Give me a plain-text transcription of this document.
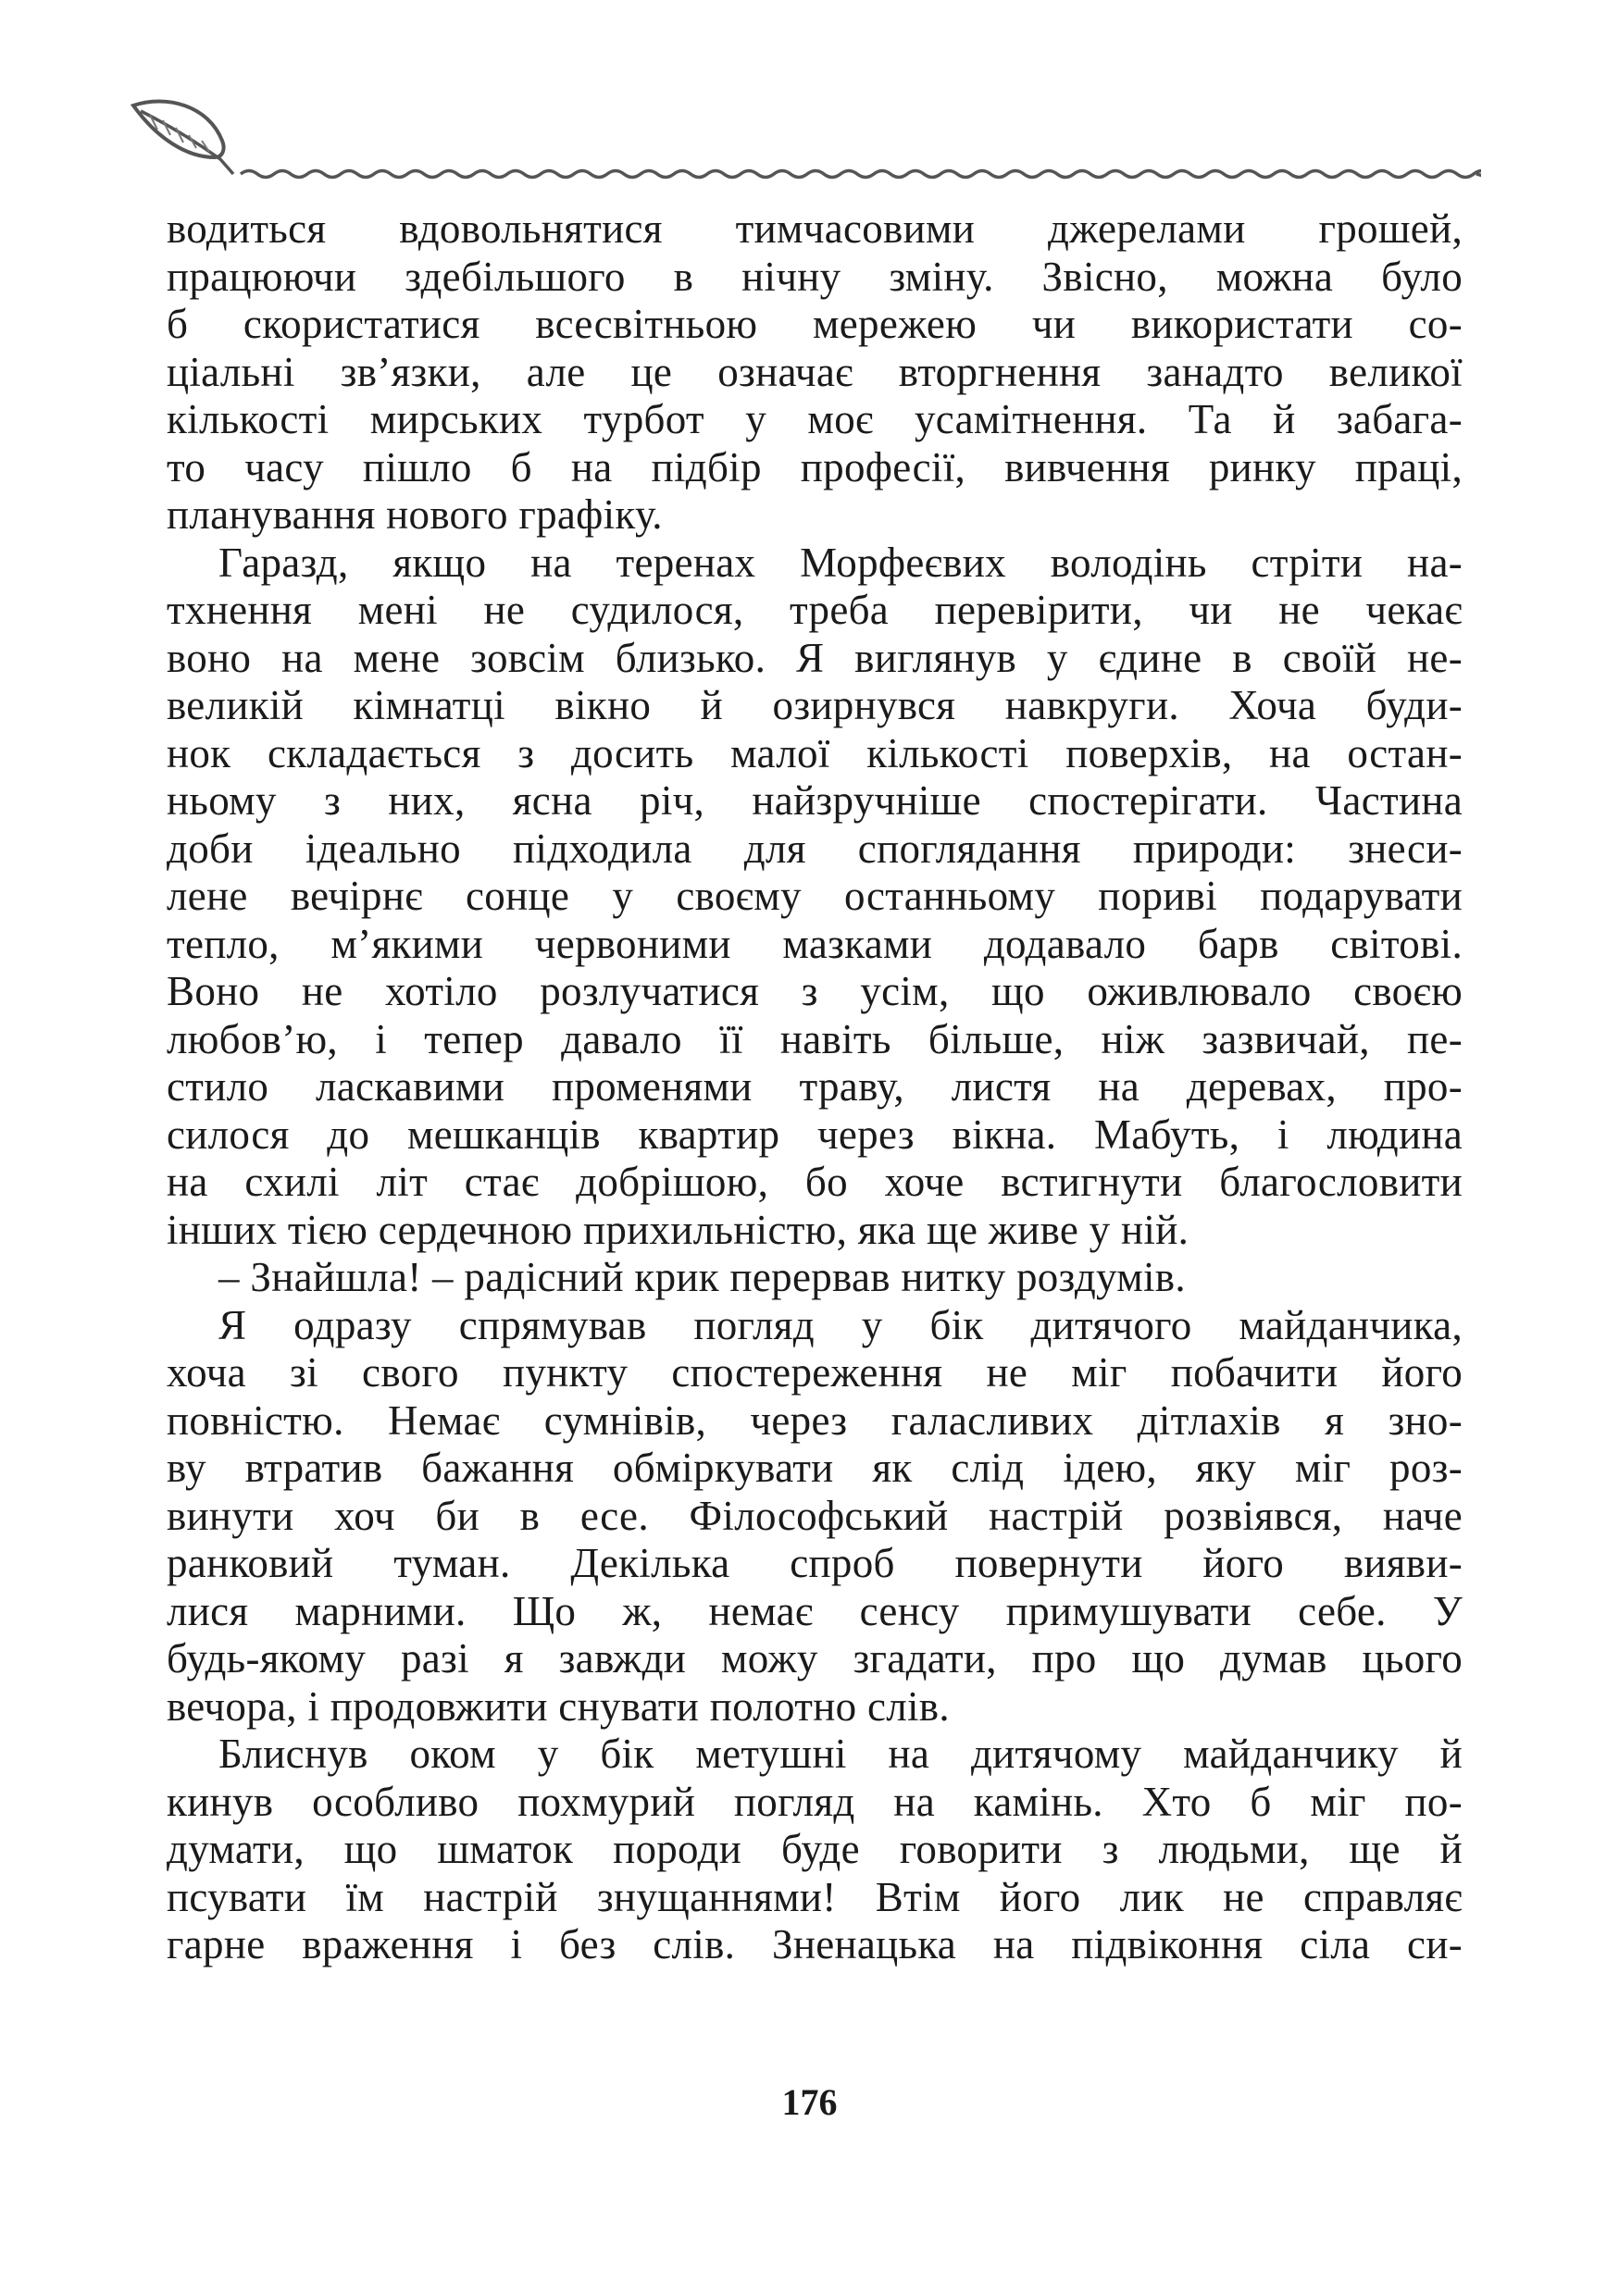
водиться вдовольнятися тимчасовими джерелами грошей,
працюючи здебільшого в нічну зміну. Звісно, можна було
б скористатися всесвітньою мережею чи використати со-
ціальні зв’язки, але це означає вторгнення занадто великої
кількості мирських турбот у моє усамітнення. Та й забага-
то часу пішло б на підбір професії, вивчення ринку праці,
планування нового графіку.
Гаразд, якщо на теренах Морфеєвих володінь стріти на-
тхнення мені не судилося, треба перевірити, чи не чекає
воно на мене зовсім близько. Я виглянув у єдине в своїй не-
великій кімнатці вікно й озирнувся навкруги. Хоча буди-
нок складається з досить малої кількості поверхів, на остан-
ньому з них, ясна річ, найзручніше спостерігати. Частина
доби ідеально підходила для споглядання природи: знеси-
лене вечірнє сонце у своєму останньому пориві подарувати
тепло, м’якими червоними мазками додавало барв світові.
Воно не хотіло розлучатися з усім, що оживлювало своєю
любов’ю, і тепер давало її навіть більше, ніж зазвичай, пе-
стило ласкавими променями траву, листя на деревах, про-
силося до мешканців квартир через вікна. Мабуть, і людина
на схилі літ стає добрішою, бо хоче встигнути благословити
інших тією сердечною прихильністю, яка ще живе у ній.
– Знайшла! – радісний крик перервав нитку роздумів.
Я одразу спрямував погляд у бік дитячого майданчика,
хоча зі свого пункту спостереження не міг побачити його
повністю. Немає сумнівів, через галасливих дітлахів я зно-
ву втратив бажання обміркувати як слід ідею, яку міг роз-
винути хоч би в есе. Філософський настрій розвіявся, наче
ранковий туман. Декілька спроб повернути його вияви-
лися марними. Що ж, немає сенсу примушувати себе. У
будь-якому разі я завжди можу згадати, про що думав цього
вечора, і продовжити снувати полотно слів.
Блиснув оком у бік метушні на дитячому майданчику й
кинув особливо похмурий погляд на камінь. Хто б міг по-
думати, що шматок породи буде говорити з людьми, ще й
псувати їм настрій знущаннями! Втім його лик не справляє
гарне враження і без слів. Зненацька на підвіконня сіла си-
176
